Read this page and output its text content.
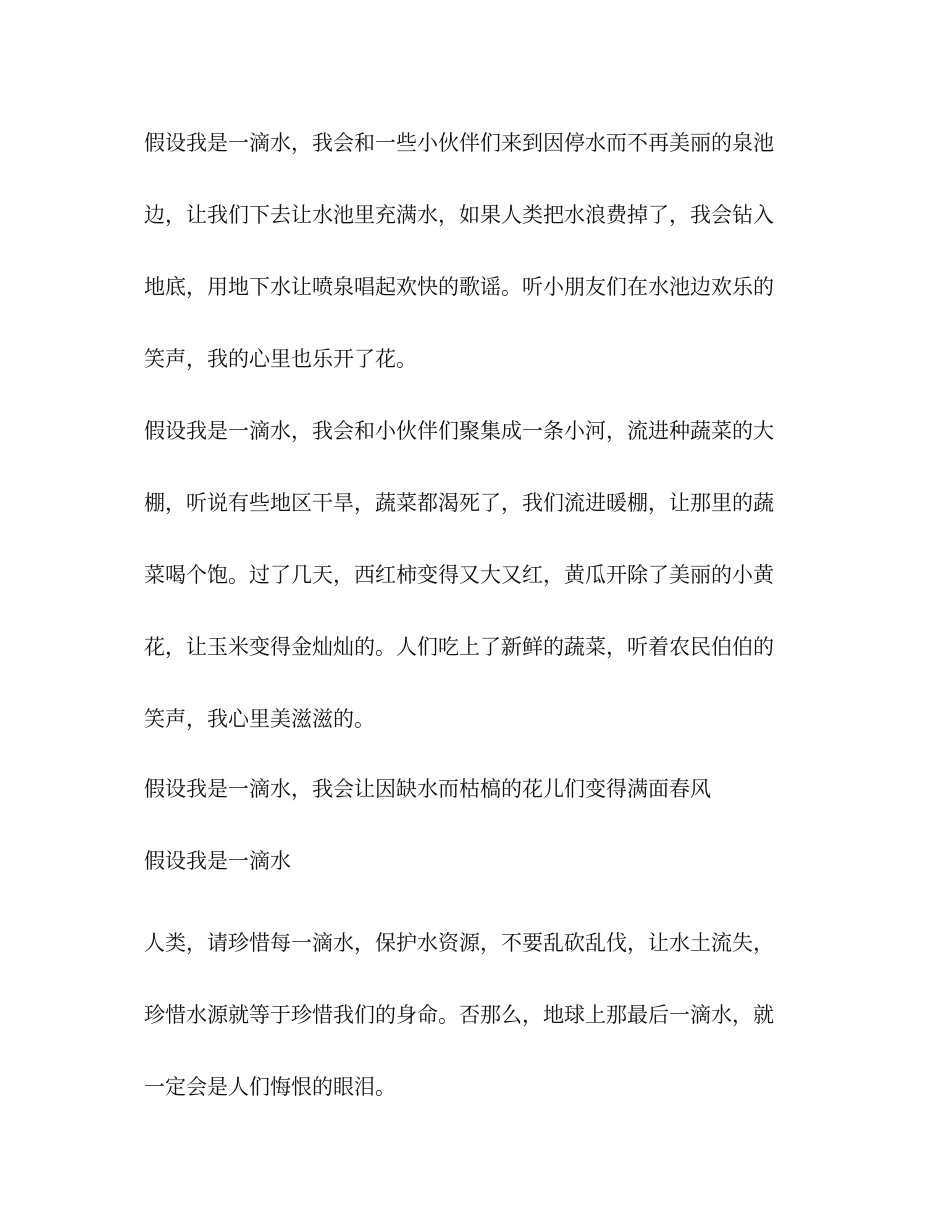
假设我是一滴水，我会和一些小伙伴们来到因停水而不再美丽的泉池
边，让我们下去让水池里充满水，如果人类把水浪费掉了，我会钻入
地底，用地下水让喷泉唱起欢快的歌谣。听小朋友们在水池边欢乐的
笑声，我的心里也乐开了花。
假设我是一滴水，我会和小伙伴们聚集成一条小河，流进种蔬菜的大
棚，听说有些地区干旱，蔬菜都渴死了，我们流进暖棚，让那里的蔬
菜喝个饱。过了几天，西红柿变得又大又红，黄瓜开除了美丽的小黄
花，让玉米变得金灿灿的。人们吃上了新鲜的蔬菜，听着农民伯伯的
笑声，我心里美滋滋的。
假设我是一滴水，我会让因缺水而枯槁的花儿们变得满面春风
假设我是一滴水
人类，请珍惜每一滴水，保护水资源，不要乱砍乱伐，让水土流失，
珍惜水源就等于珍惜我们的身命。否那么，地球上那最后一滴水，就
一定会是人们悔恨的眼泪。
